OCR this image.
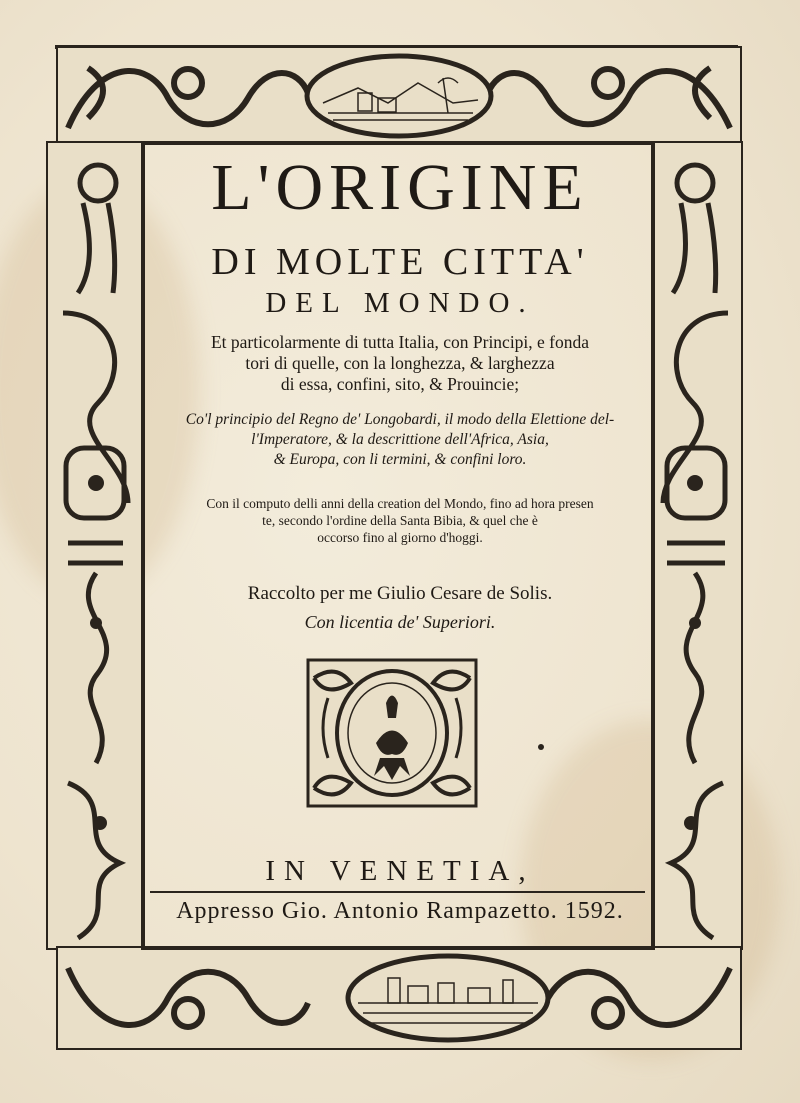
L'ORIGINE
DI MOLTE CITTA'
DEL MONDO.
Et particolarmente di tutta Italia, con Principi, e fonda
tori di quelle, con la longhezza, & larghezza
di essa, confini, sito, & Prouincie;
Co'l principio del Regno de' Longobardi, il modo della Elettione del-
l'Imperatore, & la descrittione dell'Africa, Asia,
& Europa, con li termini, & confini loro.
Con il computo delli anni della creation del Mondo, fino ad hora presen
te, secondo l'ordine della Santa Bibia, & quel che è
occorso fino al giorno d'hoggi.
Raccolto per me Giulio Cesare de Solis.
Con licentia de' Superiori.
IN VENETIA,
Appresso Gio. Antonio Rampazetto. 1592.
